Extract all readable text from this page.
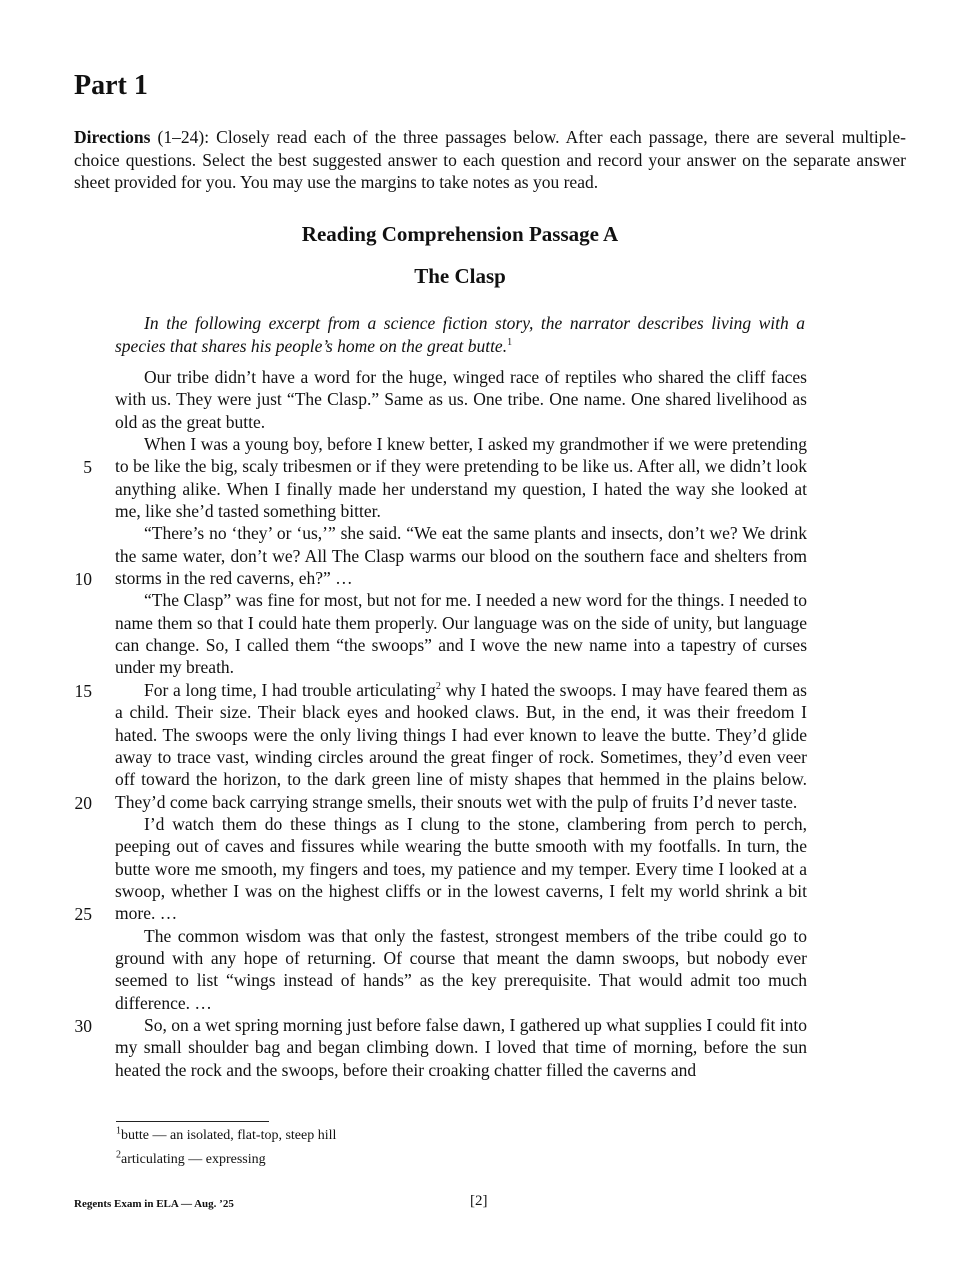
Part 1

Directions (1–24): Closely read each of the three passages below. After each passage, there are several multiple-choice questions. Select the best suggested answer to each question and record your answer on the separate answer sheet provided for you. You may use the margins to take notes as you read.

Reading Comprehension Passage A
The Clasp

In the following excerpt from a science fiction story, the narrator describes living with a species that shares his people’s home on the great butte.$^1$

Our tribe didn’t have a word for the huge, winged race of reptiles who shared the cliff faces with us. They were just “The Clasp.” Same as us. One tribe. One name. One shared livelihood as old as the great butte.

When I was a young boy, before I knew better, I asked my grandmother if we were pretending to be like the big, scaly tribesmen or if they were pretending to be like us. After all, we didn’t look anything alike. When I finally made her understand my question, I hated the way she looked at me, like she’d tasted something bitter.

“There’s no ‘they’ or ‘us,’” she said. “We eat the same plants and insects, don’t we? We drink the same water, don’t we? All The Clasp warms our blood on the southern face and shelters from storms in the red caverns, eh?” …

“The Clasp” was fine for most, but not for me. I needed a new word for the things. I needed to name them so that I could hate them properly. Our language was on the side of unity, but language can change. So, I called them “the swoops” and I wove the new name into a tapestry of curses under my breath.

For a long time, I had trouble articulating$^2$ why I hated the swoops. I may have feared them as a child. Their size. Their black eyes and hooked claws. But, in the end, it was their freedom I hated. The swoops were the only living things I had ever known to leave the butte. They’d glide away to trace vast, winding circles around the great finger of rock. Sometimes, they’d even veer off toward the horizon, to the dark green line of misty shapes that hemmed in the plains below. They’d come back carrying strange smells, their snouts wet with the pulp of fruits I’d never taste.

I’d watch them do these things as I clung to the stone, clambering from perch to perch, peeping out of caves and fissures while wearing the butte smooth with my footfalls. In turn, the butte wore me smooth, my fingers and toes, my patience and my temper. Every time I looked at a swoop, whether I was on the highest cliffs or in the lowest caverns, I felt my world shrink a bit more. …

The common wisdom was that only the fastest, strongest members of the tribe could go to ground with any hope of returning. Of course that meant the damn swoops, but nobody ever seemed to list “wings instead of hands” as the key prerequisite. That would admit too much difference. …

So, on a wet spring morning just before false dawn, I gathered up what supplies I could fit into my small shoulder bag and began climbing down. I loved that time of morning, before the sun heated the rock and the swoops, before their croaking chatter filled the caverns and

5
10
15
20
25
30

$^1$butte — an isolated, flat-top, steep hill

$^2$articulating — expressing

Regents Exam in ELA — Aug. ’25	[2]
